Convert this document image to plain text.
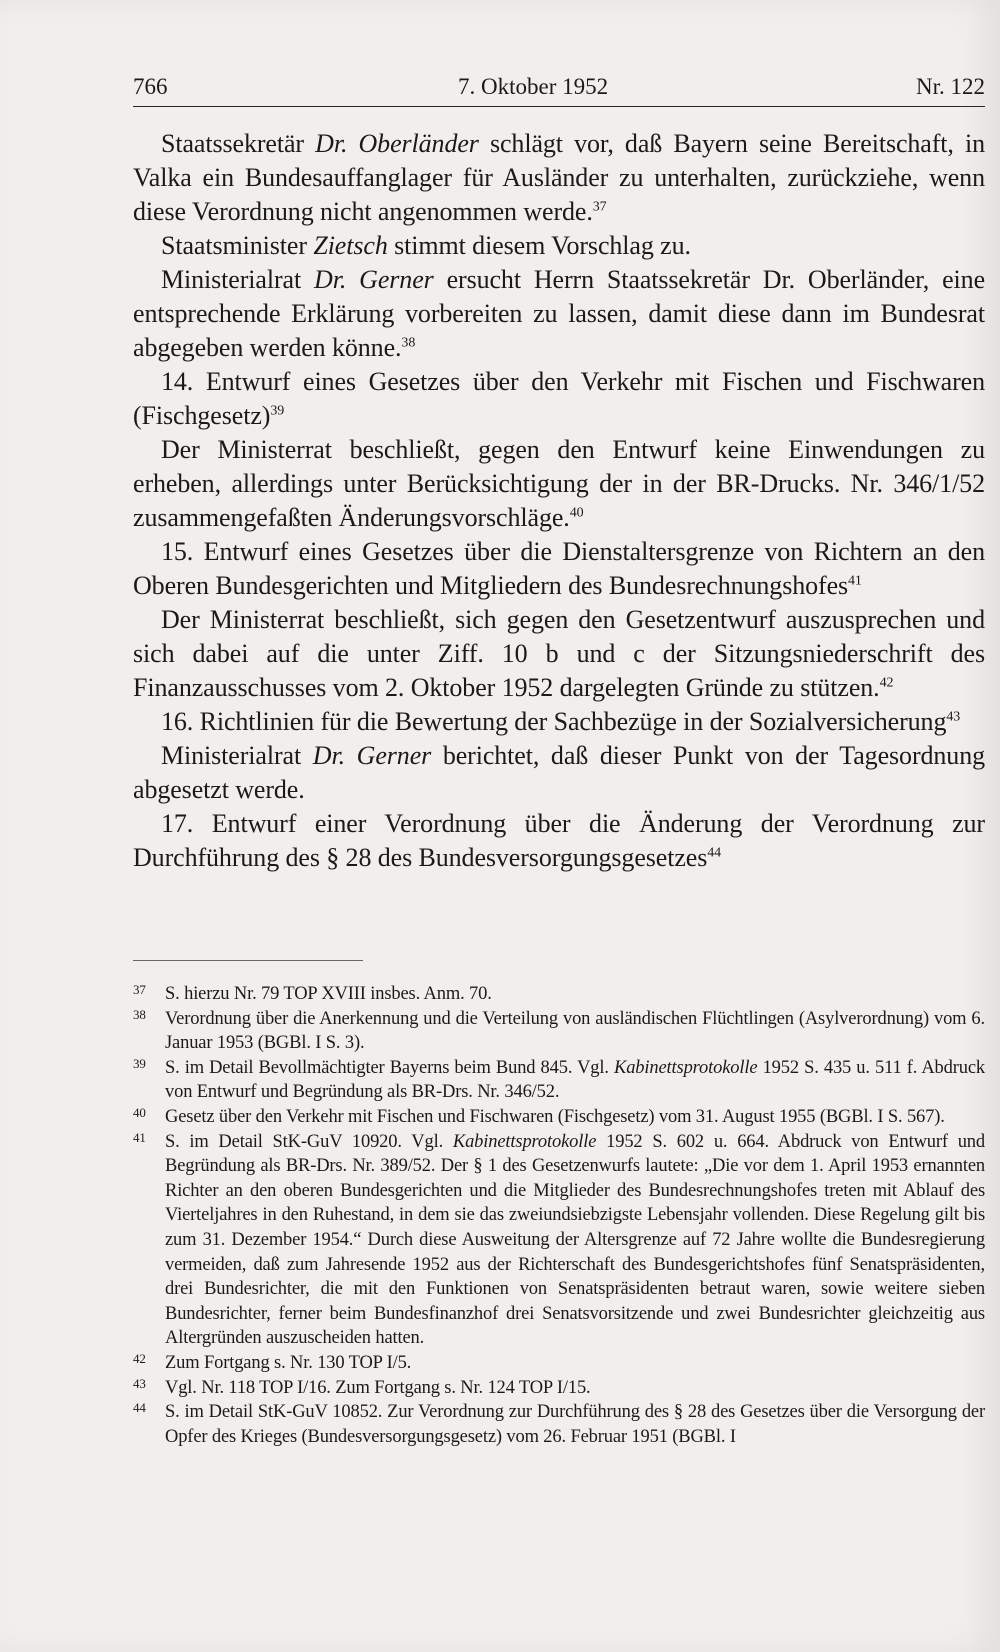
766	7. Oktober 1952	Nr. 122

Staatssekretär Dr. Oberländer schlägt vor, daß Bayern seine Bereitschaft, in Valka ein Bundesauffanglager für Ausländer zu unterhalten, zurückziehe, wenn diese Verordnung nicht angenommen werde.$^{37}$

Staatsminister Zietsch stimmt diesem Vorschlag zu.

Ministerialrat Dr. Gerner ersucht Herrn Staatssekretär Dr. Oberländer, eine entsprechende Erklärung vorbereiten zu lassen, damit diese dann im Bundesrat abgegeben werden könne.$^{38}$

14. Entwurf eines Gesetzes über den Verkehr mit Fischen und Fischwaren (Fischgesetz)$^{39}$

Der Ministerrat beschließt, gegen den Entwurf keine Einwendungen zu erheben, allerdings unter Berücksichtigung der in der BR-Drucks. Nr. 346/1/52 zusammengefaßten Änderungsvorschläge.$^{40}$

15. Entwurf eines Gesetzes über die Dienstaltersgrenze von Richtern an den Oberen Bundesgerichten und Mitgliedern des Bundesrechnungshofes$^{41}$

Der Ministerrat beschließt, sich gegen den Gesetzentwurf auszusprechen und sich dabei auf die unter Ziff. 10 b und c der Sitzungsniederschrift des Finanzausschusses vom 2. Oktober 1952 dargelegten Gründe zu stützen.$^{42}$

16. Richtlinien für die Bewertung der Sachbezüge in der Sozialversicherung$^{43}$

Ministerialrat Dr. Gerner berichtet, daß dieser Punkt von der Tagesordnung abgesetzt werde.

17. Entwurf einer Verordnung über die Änderung der Verordnung zur Durchführung des § 28 des Bundesversorgungsgesetzes$^{44}$

37 S. hierzu Nr. 79 TOP XVIII insbes. Anm. 70.

38 Verordnung über die Anerkennung und die Verteilung von ausländischen Flüchtlingen (Asylverordnung) vom 6. Januar 1953 (BGBl. I S. 3).

39 S. im Detail Bevollmächtigter Bayerns beim Bund 845. Vgl. Kabinettsprotokolle 1952 S. 435 u. 511 f. Abdruck von Entwurf und Begründung als BR-Drs. Nr. 346/52.

40 Gesetz über den Verkehr mit Fischen und Fischwaren (Fischgesetz) vom 31. August 1955 (BGBl. I S. 567).

41 S. im Detail StK-GuV 10920. Vgl. Kabinettsprotokolle 1952 S. 602 u. 664. Abdruck von Entwurf und Begründung als BR-Drs. Nr. 389/52. Der § 1 des Gesetzenwurfs lautete: „Die vor dem 1. April 1953 ernannten Richter an den oberen Bundesgerichten und die Mitglieder des Bundesrechnungshofes treten mit Ablauf des Vierteljahres in den Ruhestand, in dem sie das zweiundsiebzigste Lebensjahr vollenden. Diese Regelung gilt bis zum 31. Dezember 1954.“ Durch diese Ausweitung der Altersgrenze auf 72 Jahre wollte die Bundesregierung vermeiden, daß zum Jahresende 1952 aus der Richterschaft des Bundesgerichtshofes fünf Senatspräsidenten, drei Bundesrichter, die mit den Funktionen von Senatspräsidenten betraut waren, sowie weitere sieben Bundesrichter, ferner beim Bundesfinanzhof drei Senatsvorsitzende und zwei Bundesrichter gleichzeitig aus Altergründen auszuscheiden hatten.

42 Zum Fortgang s. Nr. 130 TOP I/5.

43 Vgl. Nr. 118 TOP I/16. Zum Fortgang s. Nr. 124 TOP I/15.

44 S. im Detail StK-GuV 10852. Zur Verordnung zur Durchführung des § 28 des Gesetzes über die Versorgung der Opfer des Krieges (Bundesversorgungsgesetz) vom 26. Februar 1951 (BGBl. I
